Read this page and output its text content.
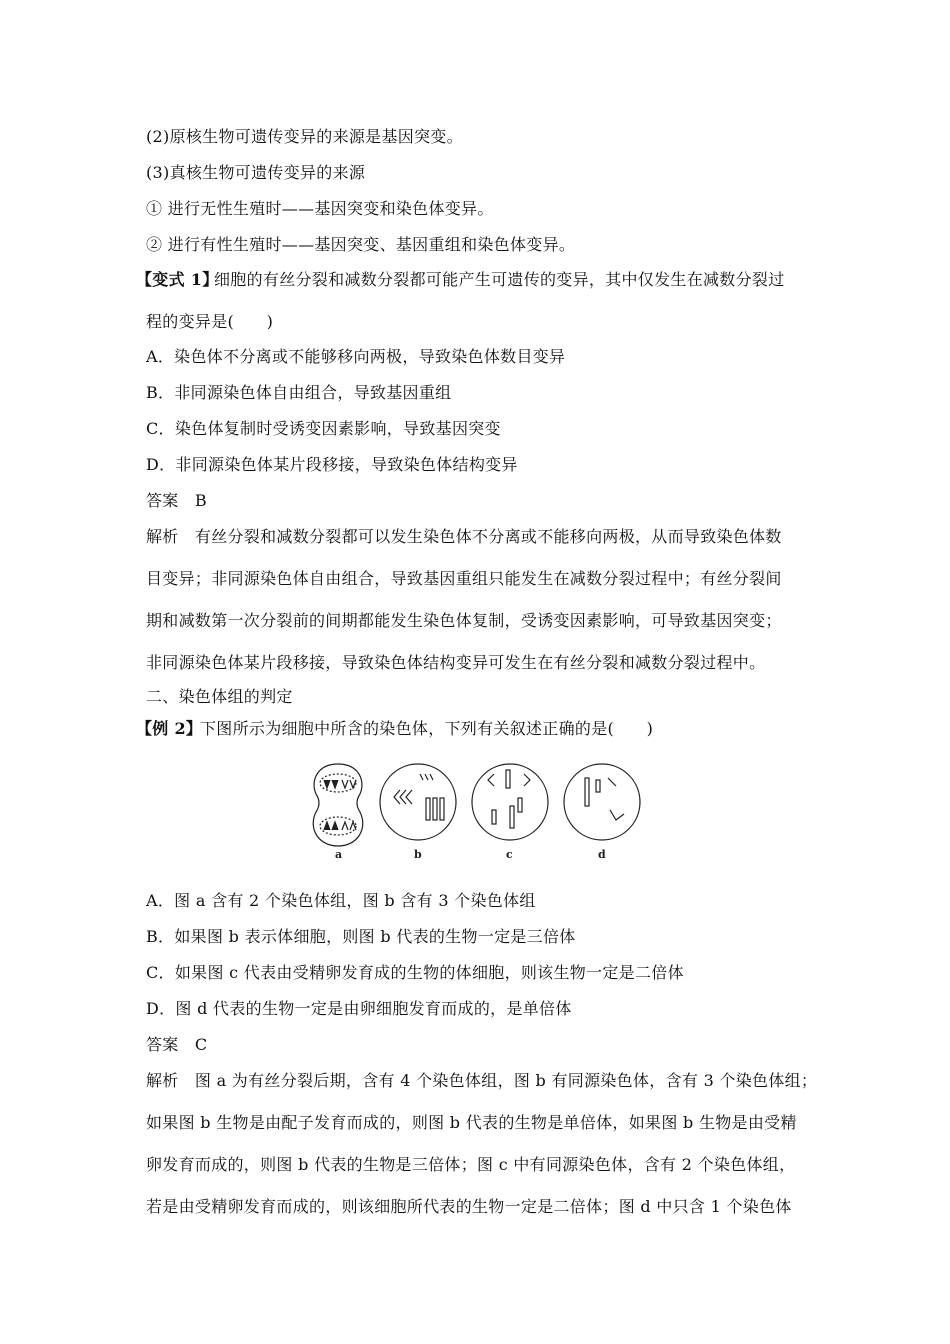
(2)原核生物可遗传变异的来源是基因突变。
(3)真核生物可遗传变异的来源
① 进行无性生殖时——基因突变和染色体变异。
② 进行有性生殖时——基因突变、基因重组和染色体变异。
【变式 1】
细胞的有丝分裂和减数分裂都可能产生可遗传的变异，其中仅发生在减数分裂过
程的变异是(　　)
A．染色体不分离或不能够移向两极，导致染色体数目变异
B．非同源染色体自由组合，导致基因重组
C．染色体复制时受诱变因素影响，导致基因突变
D．非同源染色体某片段移接，导致染色体结构变异
答案　B
解析　有丝分裂和减数分裂都可以发生染色体不分离或不能移向两极，从而导致染色体数
目变异；非同源染色体自由组合，导致基因重组只能发生在减数分裂过程中；有丝分裂间
期和减数第一次分裂前的间期都能发生染色体复制，受诱变因素影响，可导致基因突变；
非同源染色体某片段移接，导致染色体结构变异可发生在有丝分裂和减数分裂过程中。
二、染色体组的判定
【例 2】
下图所示为细胞中所含的染色体，下列有关叙述正确的是(　　)
a	b	c	d
A．图 a 含有 2 个染色体组，图 b 含有 3 个染色体组
B．如果图 b 表示体细胞，则图 b 代表的生物一定是三倍体
C．如果图 c 代表由受精卵发育成的生物的体细胞，则该生物一定是二倍体
D．图 d 代表的生物一定是由卵细胞发育而成的，是单倍体
答案　C
解析　图 a 为有丝分裂后期，含有 4 个染色体组，图 b 有同源染色体，含有 3 个染色体组；
如果图 b 生物是由配子发育而成的，则图 b 代表的生物是单倍体，如果图 b 生物是由受精
卵发育而成的，则图 b 代表的生物是三倍体；图 c 中有同源染色体，含有 2 个染色体组，
若是由受精卵发育而成的，则该细胞所代表的生物一定是二倍体；图 d 中只含 1 个染色体
